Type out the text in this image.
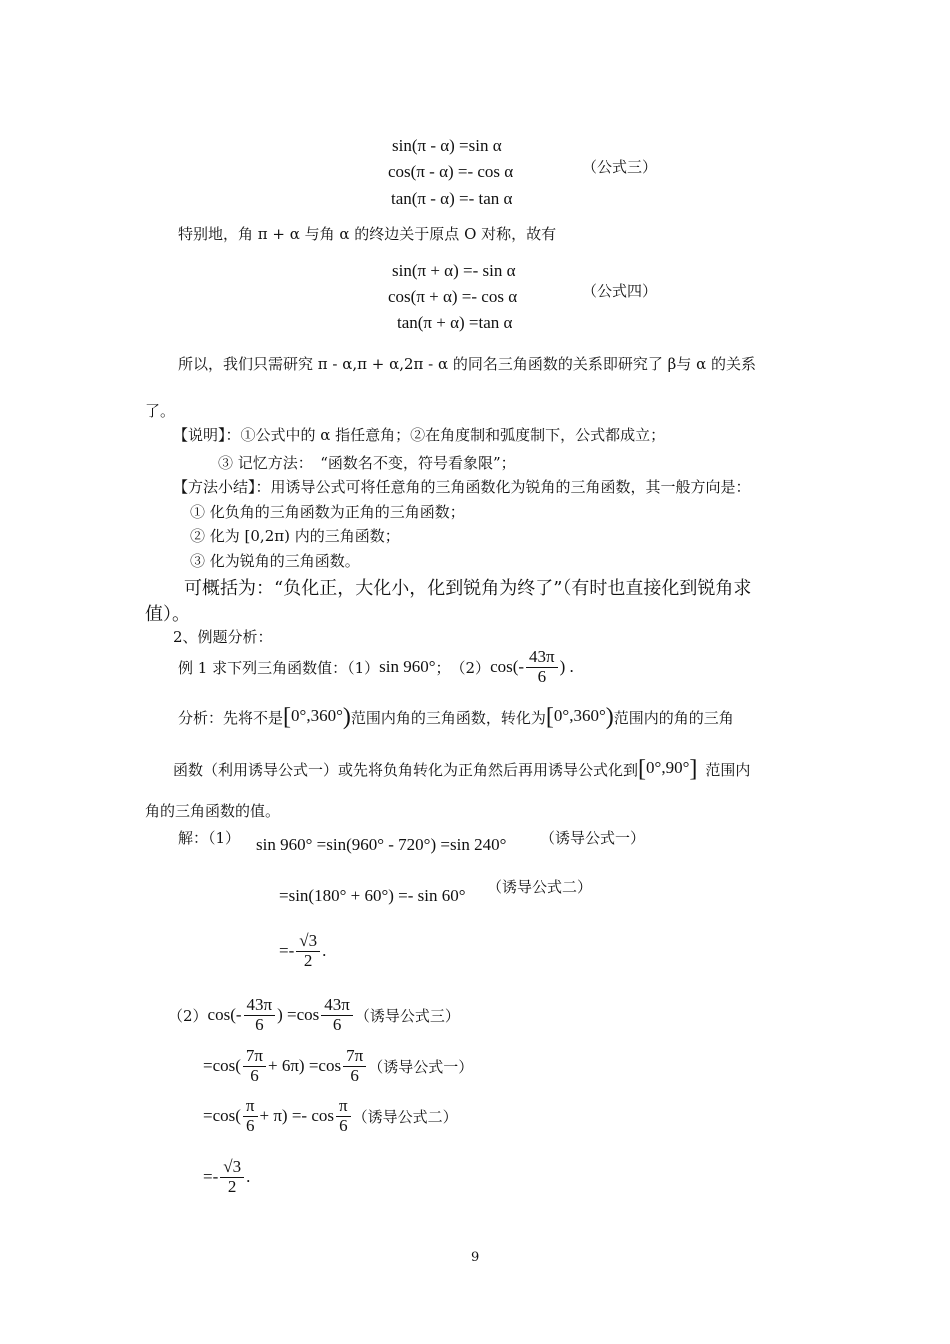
sin(π - α) =sin α
cos(π - α) =- cos α
tan(π - α) =- tan α
（公式三）
特别地，角 π + α 与角 α 的终边关于原点 O 对称，故有
sin(π + α) =- sin α
cos(π + α) =- cos α
tan(π + α) =tan α
（公式四）
所以，我们只需研究 π - α,π + α,2π - α 的同名三角函数的关系即研究了 β与 α 的关系
了。
【说明】：①公式中的 α 指任意角；②在角度制和弧度制下，公式都成立；
③ 记忆方法：　“函数名不变，符号看象限”；
【方法小结】：用诱导公式可将任意角的三角函数化为锐角的三角函数，其一般方向是：
① 化负角的三角函数为正角的三角函数；
② 化为 [0,2π) 内的三角函数；
③ 化为锐角的三角函数。
可概括为：“负化正，大化小，化到锐角为终了”（有时也直接化到锐角求
值）。
2、例题分析：
例 1 求下列三角函数值：（1） sin 960° ；　（2） $\cos(- \frac{43\pi}{6}$ ) .
分析：先将不是 [0°,360°) 范围内角的三角函数，转化为 [0°,360°) 范围内的角的三角
函数（利用诱导公式一）或先将负角转化为正角然后再用诱导公式化到 [0°,90°] 范围内
角的三角函数的值。
解：（1） sin 960° =sin(960° - 720°) =sin 240° （诱导公式一）
=sin(180° + 60°) =- sin 60° （诱导公式二）
=- $\frac{√3}{2}$ .
（2） $\cos(- \frac{43\pi}{6}$ ) $=\cos \frac{43\pi}{6}$ （诱导公式三）
$=\cos( \frac{7\pi}{6} + 6\pi) =\cos \frac{7\pi}{6}$ （诱导公式一）
$=\cos( \frac{\pi}{6} + \pi) =- \cos \frac{\pi}{6}$ （诱导公式二）
=- $\frac{√3}{2}$ .
9
